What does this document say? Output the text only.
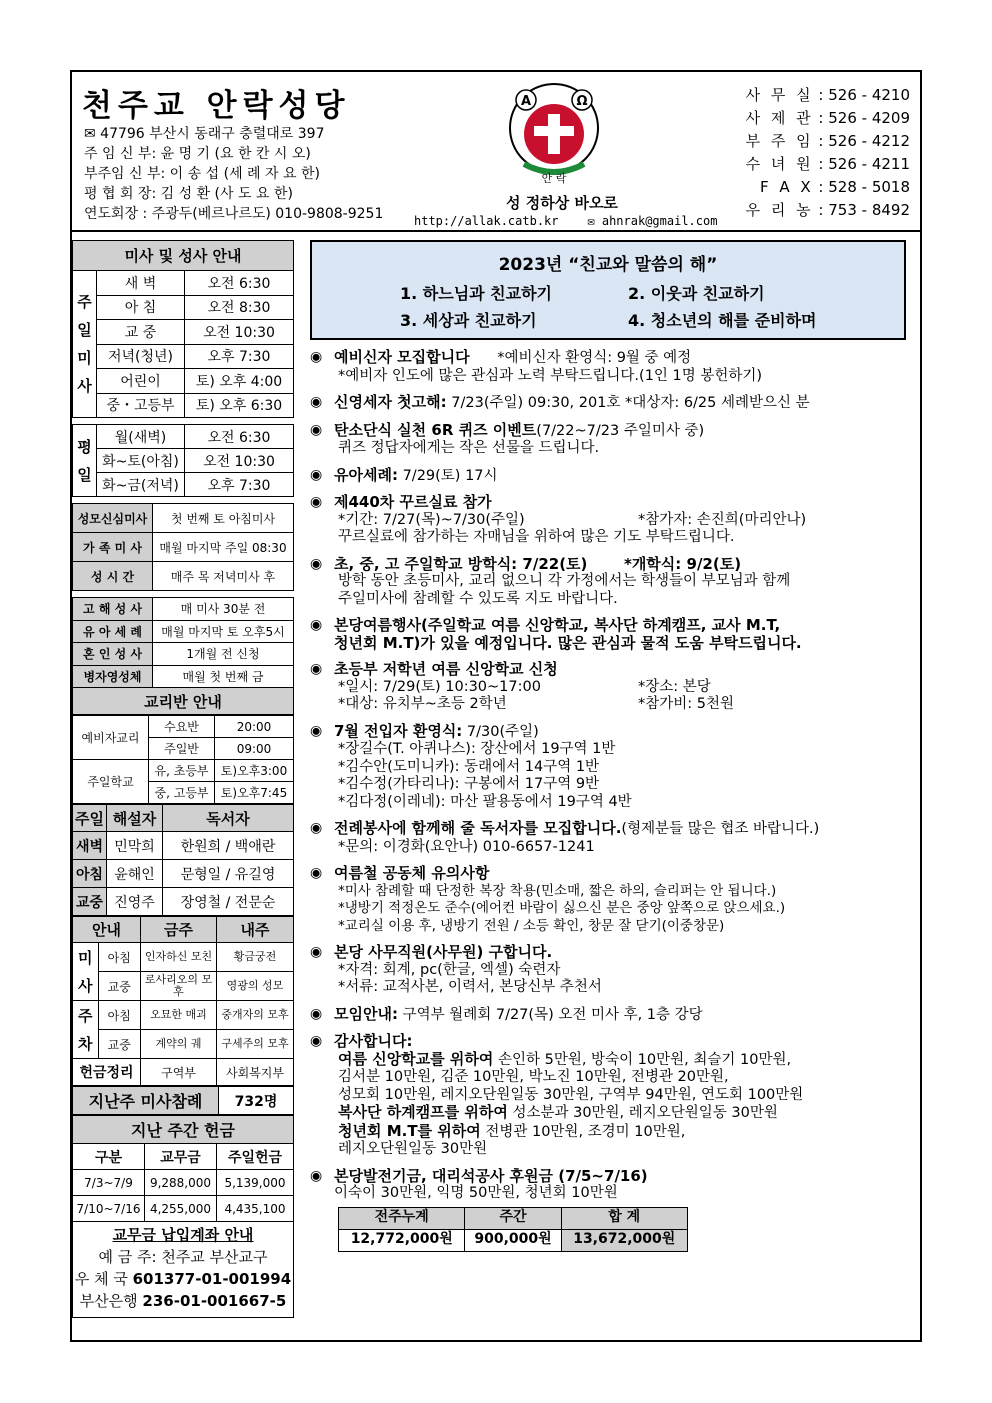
천주교 안락성당
✉ 47796 부산시 동래구 충렬대로 397
주 임 신 부: 윤 명 기 (요 한 칸 시 오)
부주임 신 부: 이 송 섭 (세 례 자 요 한)
평 협 회 장: 김 성 환 (사 도 요 한)
연도회장 : 주광두(베르나르도) 010-9808-9251
A	Ω
안 락
성 정하상 바오로
http://allak.catb.kr ✉ ahnrak@gmail.com
사 무 실
: 526 - 4210
사 제 관
: 526 - 4209
부 주 임
: 526 - 4212
수 녀 원
: 526 - 4211
F A X
: 528 - 5018
우 리 농
: 753 - 8492
미사 및 성사 안내		
주
일
미
사	새 벽	오전 6:30
	아 침	오전 8:30
	교 중	오전 10:30
	저녁(청년)	오후 7:30
	어린이	토) 오후 4:00
	중・고등부	토) 오후 6:30
평
일	월(새벽)	오전 6:30
	화~토(아침)	오전 10:30
	화~금(저녁)	오후 7:30
성모신심미사	첫 번째 토 아침미사
가 족 미 사	매월 마지막 주일 08:30
성 시 간	매주 목 저녁미사 후
고 해 성 사	매 미사 30분 전
유 아 세 례	매월 마지막 토 오후5시
혼 인 성 사	1개월 전 신청
병자영성체	매월 첫 번째 금
교리반 안내	
예비자교리	수요반	20:00
	주일반	09:00
주일학교	유, 초등부	토)오후3:00
	중, 고등부	토)오후7:45
주일	해설자	독서자
새벽	민막희	한원희 / 백애란
아침	윤해인	문형일 / 유길영
교중	진영주	장영철 / 전문순
안내		금주	내주
미
사	아침	인자하신 모친	황금궁전
	교중	로사리오의 모후	영광의 성모
주
차	아침	오묘한 매괴	중개자의 모후
	교중	계약의 궤	구세주의 모후
헌금정리		구역부	사회복지부
지난주 미사참례	732명
지난 주간 헌금		
구분	교무금	주일헌금
7/3~7/9	9,288,000	5,139,000
7/10~7/16	4,255,000	4,435,100
교무금 납입계좌 안내
예 금 주: 천주교 부산교구
우 체 국 601377-01-001994
부산은행 236-01-001667-5
2023년 “친교와 말씀의 해”
1. 하느님과 친교하기	2. 이웃과 친교하기
3. 세상과 친교하기	4. 청소년의 해를 준비하며
◉ 예비신자 모집합니다 *예비신자 환영식: 9월 중 예정
*예비자 인도에 많은 관심과 노력 부탁드립니다.(1인 1명 봉헌하기)
◉ 신영세자 첫고해: 7/23(주일) 09:30, 201호 *대상자: 6/25 세례받으신 분
◉ 탄소단식 실천 6R 퀴즈 이벤트(7/22~7/23 주일미사 중)
퀴즈 정답자에게는 작은 선물을 드립니다.
◉ 유아세례: 7/29(토) 17시
◉ 제440차 꾸르실료 참가
*기간: 7/27(목)~7/30(주일)	*참가자: 손진희(마리안나)
꾸르실료에 참가하는 자매님을 위하여 많은 기도 부탁드립니다.
◉ 초, 중, 고 주일학교 방학식: 7/22(토) *개학식: 9/2(토)
방학 동안 초등미사, 교리 없으니 각 가정에서는 학생들이 부모님과 함께
주일미사에 참례할 수 있도록 지도 바랍니다.
◉ 본당여름행사(주일학교 여름 신앙학교, 복사단 하계캠프, 교사 M.T,
청년회 M.T)가 있을 예정입니다. 많은 관심과 물적 도움 부탁드립니다.
◉ 초등부 저학년 여름 신앙학교 신청
*일시: 7/29(토) 10:30~17:00	*장소: 본당
*대상: 유치부~초등 2학년	*참가비: 5천원
◉ 7월 전입자 환영식: 7/30(주일)
*장길수(T. 아퀴나스): 장산에서 19구역 1반
*김수안(도미니카): 동래에서 14구역 1반
*김수정(가타리나): 구봉에서 17구역 9반
*김다정(이레네): 마산 팔용동에서 19구역 4반
◉ 전례봉사에 함께해 줄 독서자를 모집합니다.(형제분들 많은 협조 바랍니다.)
*문의: 이경화(요안나) 010-6657-1241
◉ 여름철 공동체 유의사항
*미사 참례할 때 단정한 복장 착용(민소매, 짧은 하의, 슬리퍼는 안 됩니다.)
*냉방기 적정온도 준수(에어컨 바람이 싫으신 분은 중앙 앞쪽으로 앉으세요.)
*교리실 이용 후, 냉방기 전원 / 소등 확인, 창문 잘 닫기(이중창문)
◉ 본당 사무직원(사무원) 구합니다.
*자격: 회계, pc(한글, 엑셀) 숙련자
*서류: 교적사본, 이력서, 본당신부 추천서
◉ 모임안내: 구역부 월례회 7/27(목) 오전 미사 후, 1층 강당
◉ 감사합니다:
여름 신앙학교를 위하여 손인하 5만원, 방숙이 10만원, 최슬기 10만원,
김서분 10만원, 김준 10만원, 박노진 10만원, 전병관 20만원,
성모회 10만원, 레지오단원일동 30만원, 구역부 94만원, 연도회 100만원
복사단 하계캠프를 위하여 성소분과 30만원, 레지오단원일동 30만원
청년회 M.T를 위하여 전병관 10만원, 조경미 10만원,
레지오단원일동 30만원
◉ 본당발전기금, 대리석공사 후원금 (7/5~7/16)
이숙이 30만원, 익명 50만원, 청년회 10만원
전주누계	주간	합 계
12,772,000원	900,000원	13,672,000원
